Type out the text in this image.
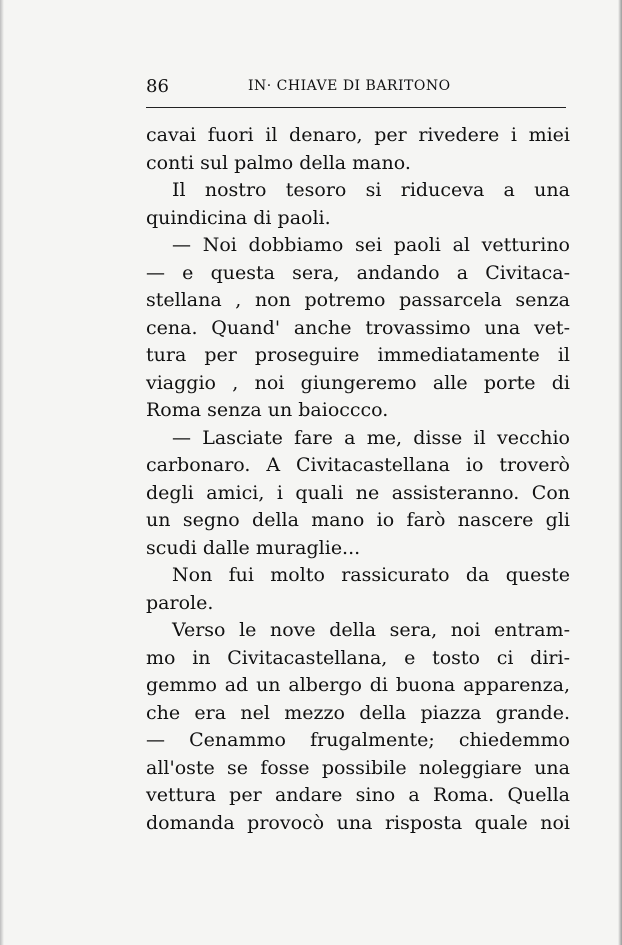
86	IN· CHIAVE DI BARITONO
cavai fuori il denaro, per rivedere i miei
conti sul palmo della mano.
Il nostro tesoro si riduceva a una
quindicina di paoli.
— Noi dobbiamo sei paoli al vetturino
— e questa sera, andando a Civitaca-
stellana , non potremo passarcela senza
cena. Quand' anche trovassimo una vet-
tura per proseguire immediatamente il
viaggio , noi giungeremo alle porte di
Roma senza un baioccco.
— Lasciate fare a me, disse il vecchio
carbonaro. A Civitacastellana io troverò
degli amici, i quali ne assisteranno. Con
un segno della mano io farò nascere gli
scudi dalle muraglie...
Non fui molto rassicurato da queste
parole.
Verso le nove della sera, noi entram-
mo in Civitacastellana, e tosto ci diri-
gemmo ad un albergo di buona apparenza,
che era nel mezzo della piazza grande.
— Cenammo frugalmente; chiedemmo
all'oste se fosse possibile noleggiare una
vettura per andare sino a Roma. Quella
domanda provocò una risposta quale noi
